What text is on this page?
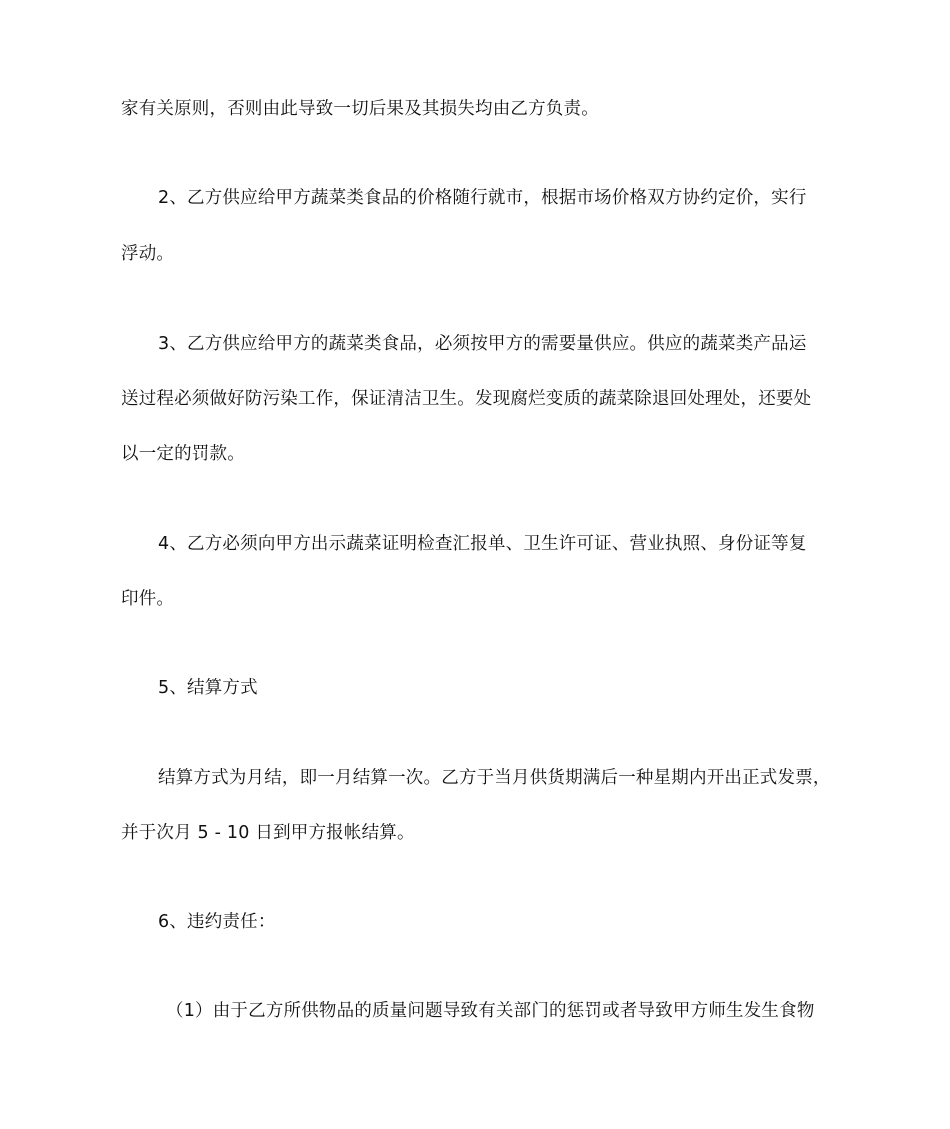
家有关原则，否则由此导致一切后果及其损失均由乙方负责。
2、乙方供应给甲方蔬菜类食品的价格随行就市，根据市场价格双方协约定价，实行
浮动。
3、乙方供应给甲方的蔬菜类食品，必须按甲方的需要量供应。供应的蔬菜类产品运
送过程必须做好防污染工作，保证清洁卫生。发现腐烂变质的蔬菜除退回处理处，还要处
以一定的罚款。
4、乙方必须向甲方出示蔬菜证明检查汇报单、卫生许可证、营业执照、身份证等复
印件。
5、结算方式
结算方式为月结，即一月结算一次。乙方于当月供货期满后一种星期内开出正式发票，
并于次月 5 - 10 日到甲方报帐结算。
6、违约责任：
（1）由于乙方所供物品的质量问题导致有关部门的惩罚或者导致甲方师生发生食物
